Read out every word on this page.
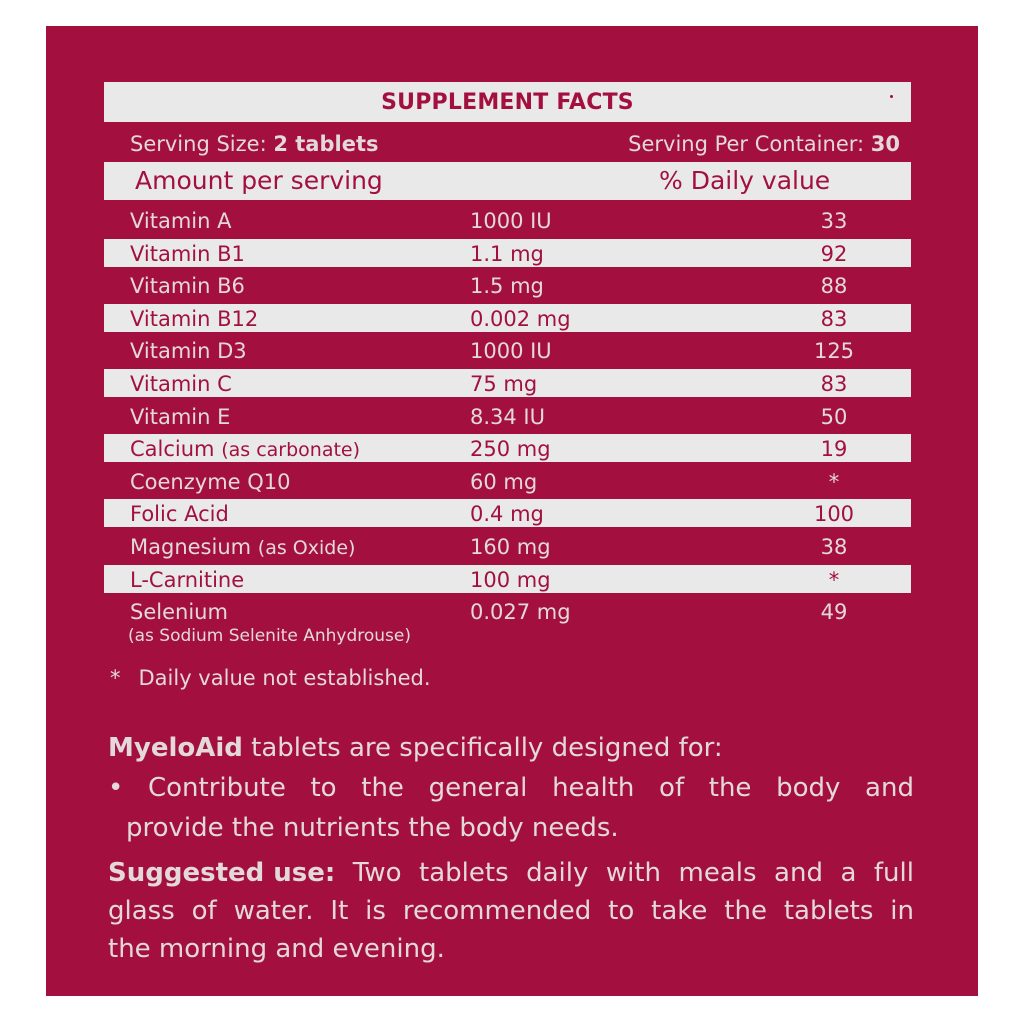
SUPPLEMENT FACTS
Serving Size: 2 tablets	Serving Per Container: 30
Amount per serving	% Daily value
Vitamin A	1000 IU	33
Vitamin B1	1.1 mg	92
Vitamin B6	1.5 mg	88
Vitamin B12	0.002 mg	83
Vitamin D3	1000 IU	125
Vitamin C	75 mg	83
Vitamin E	8.34 IU	50
Calcium (as carbonate)	250 mg	19
Coenzyme Q10	60 mg	*
Folic Acid	0.4 mg	100
Magnesium (as Oxide)	160 mg	38
L-Carnitine	100 mg	*
Selenium
(as Sodium Selenite Anhydrouse)
0.027 mg	49
* Daily value not established.
MyeloAid tablets are specifically designed for:
• Contribute to the general health of the body and
provide the nutrients the body needs.
Suggested use: Two tablets daily with meals and a full
glass of water. It is recommended to take the tablets in
the morning and evening.
